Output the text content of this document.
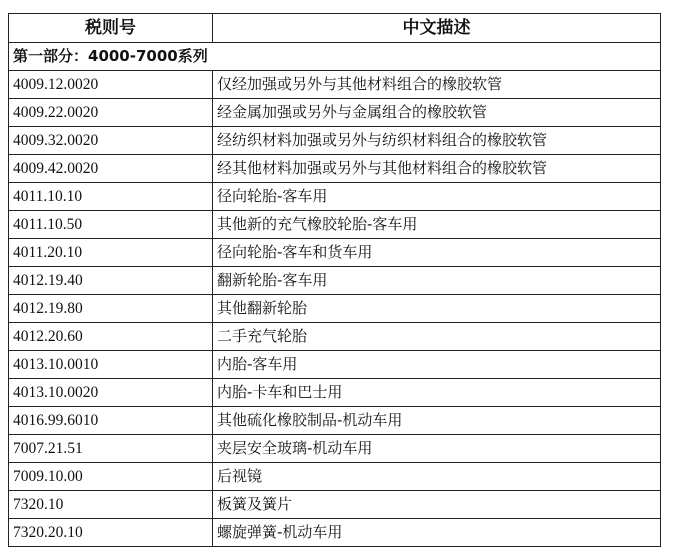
税则号	中文描述
第一部分：4000-7000系列	
4009.12.0020	仅经加强或另外与其他材料组合的橡胶软管
4009.22.0020	经金属加强或另外与金属组合的橡胶软管
4009.32.0020	经纺织材料加强或另外与纺织材料组合的橡胶软管
4009.42.0020	经其他材料加强或另外与其他材料组合的橡胶软管
4011.10.10	径向轮胎-客车用
4011.10.50	其他新的充气橡胶轮胎-客车用
4011.20.10	径向轮胎-客车和货车用
4012.19.40	翻新轮胎-客车用
4012.19.80	其他翻新轮胎
4012.20.60	二手充气轮胎
4013.10.0010	内胎-客车用
4013.10.0020	内胎-卡车和巴士用
4016.99.6010	其他硫化橡胶制品-机动车用
7007.21.51	夹层安全玻璃-机动车用
7009.10.00	后视镜
7320.10	板簧及簧片
7320.20.10	螺旋弹簧-机动车用
